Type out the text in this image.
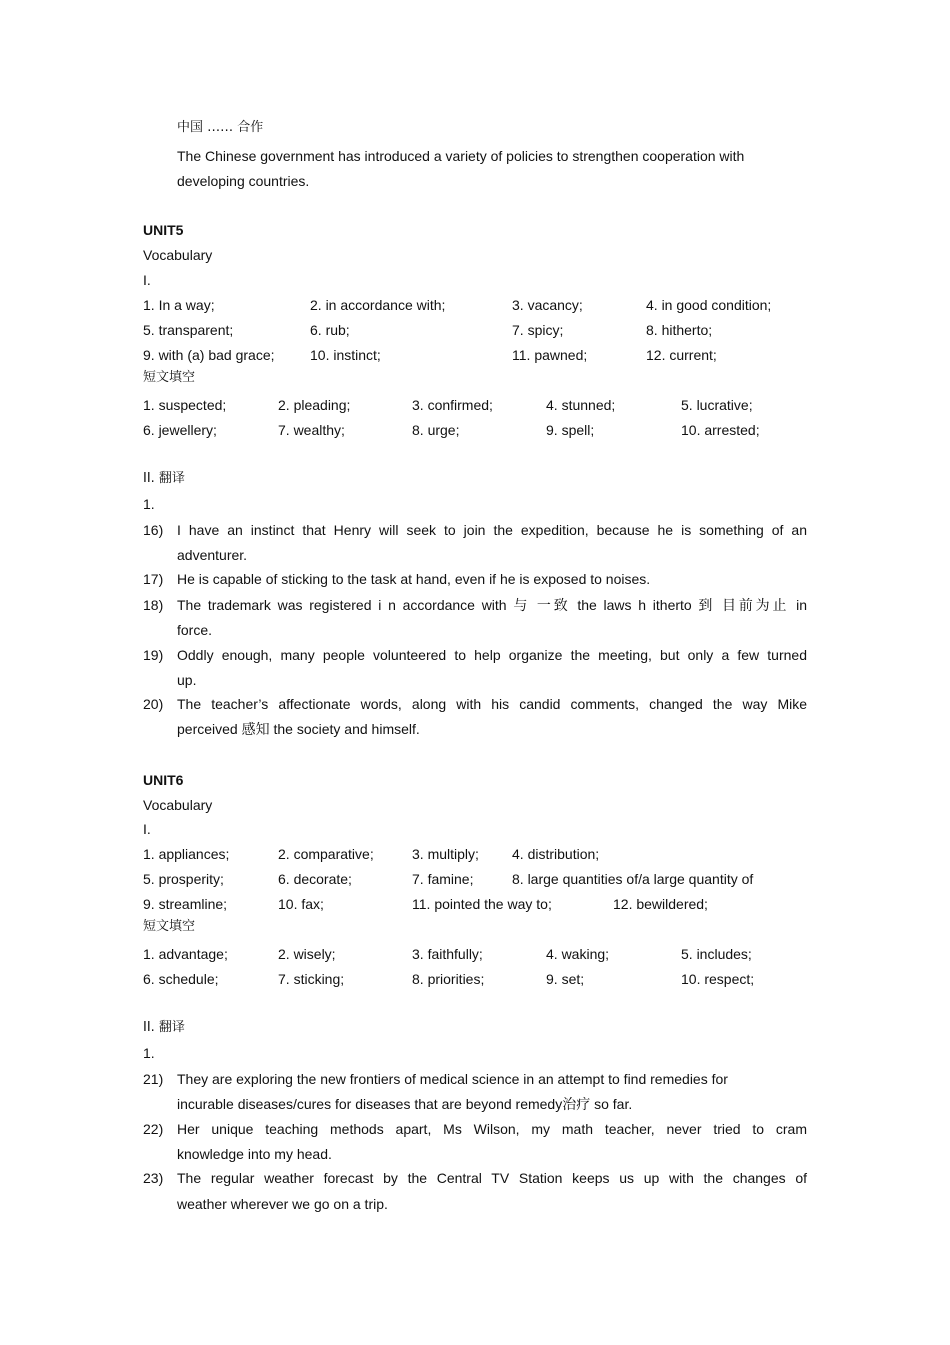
中国 …… 合作
The Chinese government has introduced a variety of policies to strengthen cooperation with
developing countries.
UNIT5
Vocabulary
I.
1. In a way;	2. in accordance with;	3. vacancy;	4. in good condition;
5. transparent;	6. rub;	7. spicy;	8. hitherto;
9. with (a) bad grace;	10. instinct;	11. pawned;	12. current;
短文填空
1. suspected;	2. pleading;	3. confirmed;	4. stunned;	5. lucrative;
6. jewellery;	7. wealthy;	8. urge;	9. spell;	10. arrested;
II. 翻译
1.
16) I have an instinct that Henry will seek to join the expedition, because he is something of an
adventurer.
17) He is capable of sticking to the task at hand, even if he is exposed to noises.
18) The trademark was registered i n accordance with 与 一致 the laws h itherto 到 目前为止 in
force.
19) Oddly enough, many people volunteered to help organize the meeting, but only a few turned
up.
20) The teacher’s affectionate words, along with his candid comments, changed the way Mike
perceived 感知 the society and himself.
UNIT6
Vocabulary
I.
1. appliances;	2. comparative;	3. multiply; 4. distribution;
5. prosperity;	6. decorate;	7. famine;	8. large quantities of/a large quantity of
9. streamline;	10. fax;	11. pointed the way to;	12. bewildered;
短文填空
1. advantage;	2. wisely;	3. faithfully;	4. waking;	5. includes;
6. schedule;	7. sticking;	8. priorities;	9. set;	10. respect;
II. 翻译
1.
21) They are exploring the new frontiers of medical science in an attempt to find remedies for
incurable diseases/cures for diseases that are beyond remedy治疗 so far.
22) Her unique teaching methods apart, Ms Wilson, my math teacher, never tried to cram
knowledge into my head.
23) The regular weather forecast by the Central TV Station keeps us up with the changes of
weather wherever we go on a trip.
